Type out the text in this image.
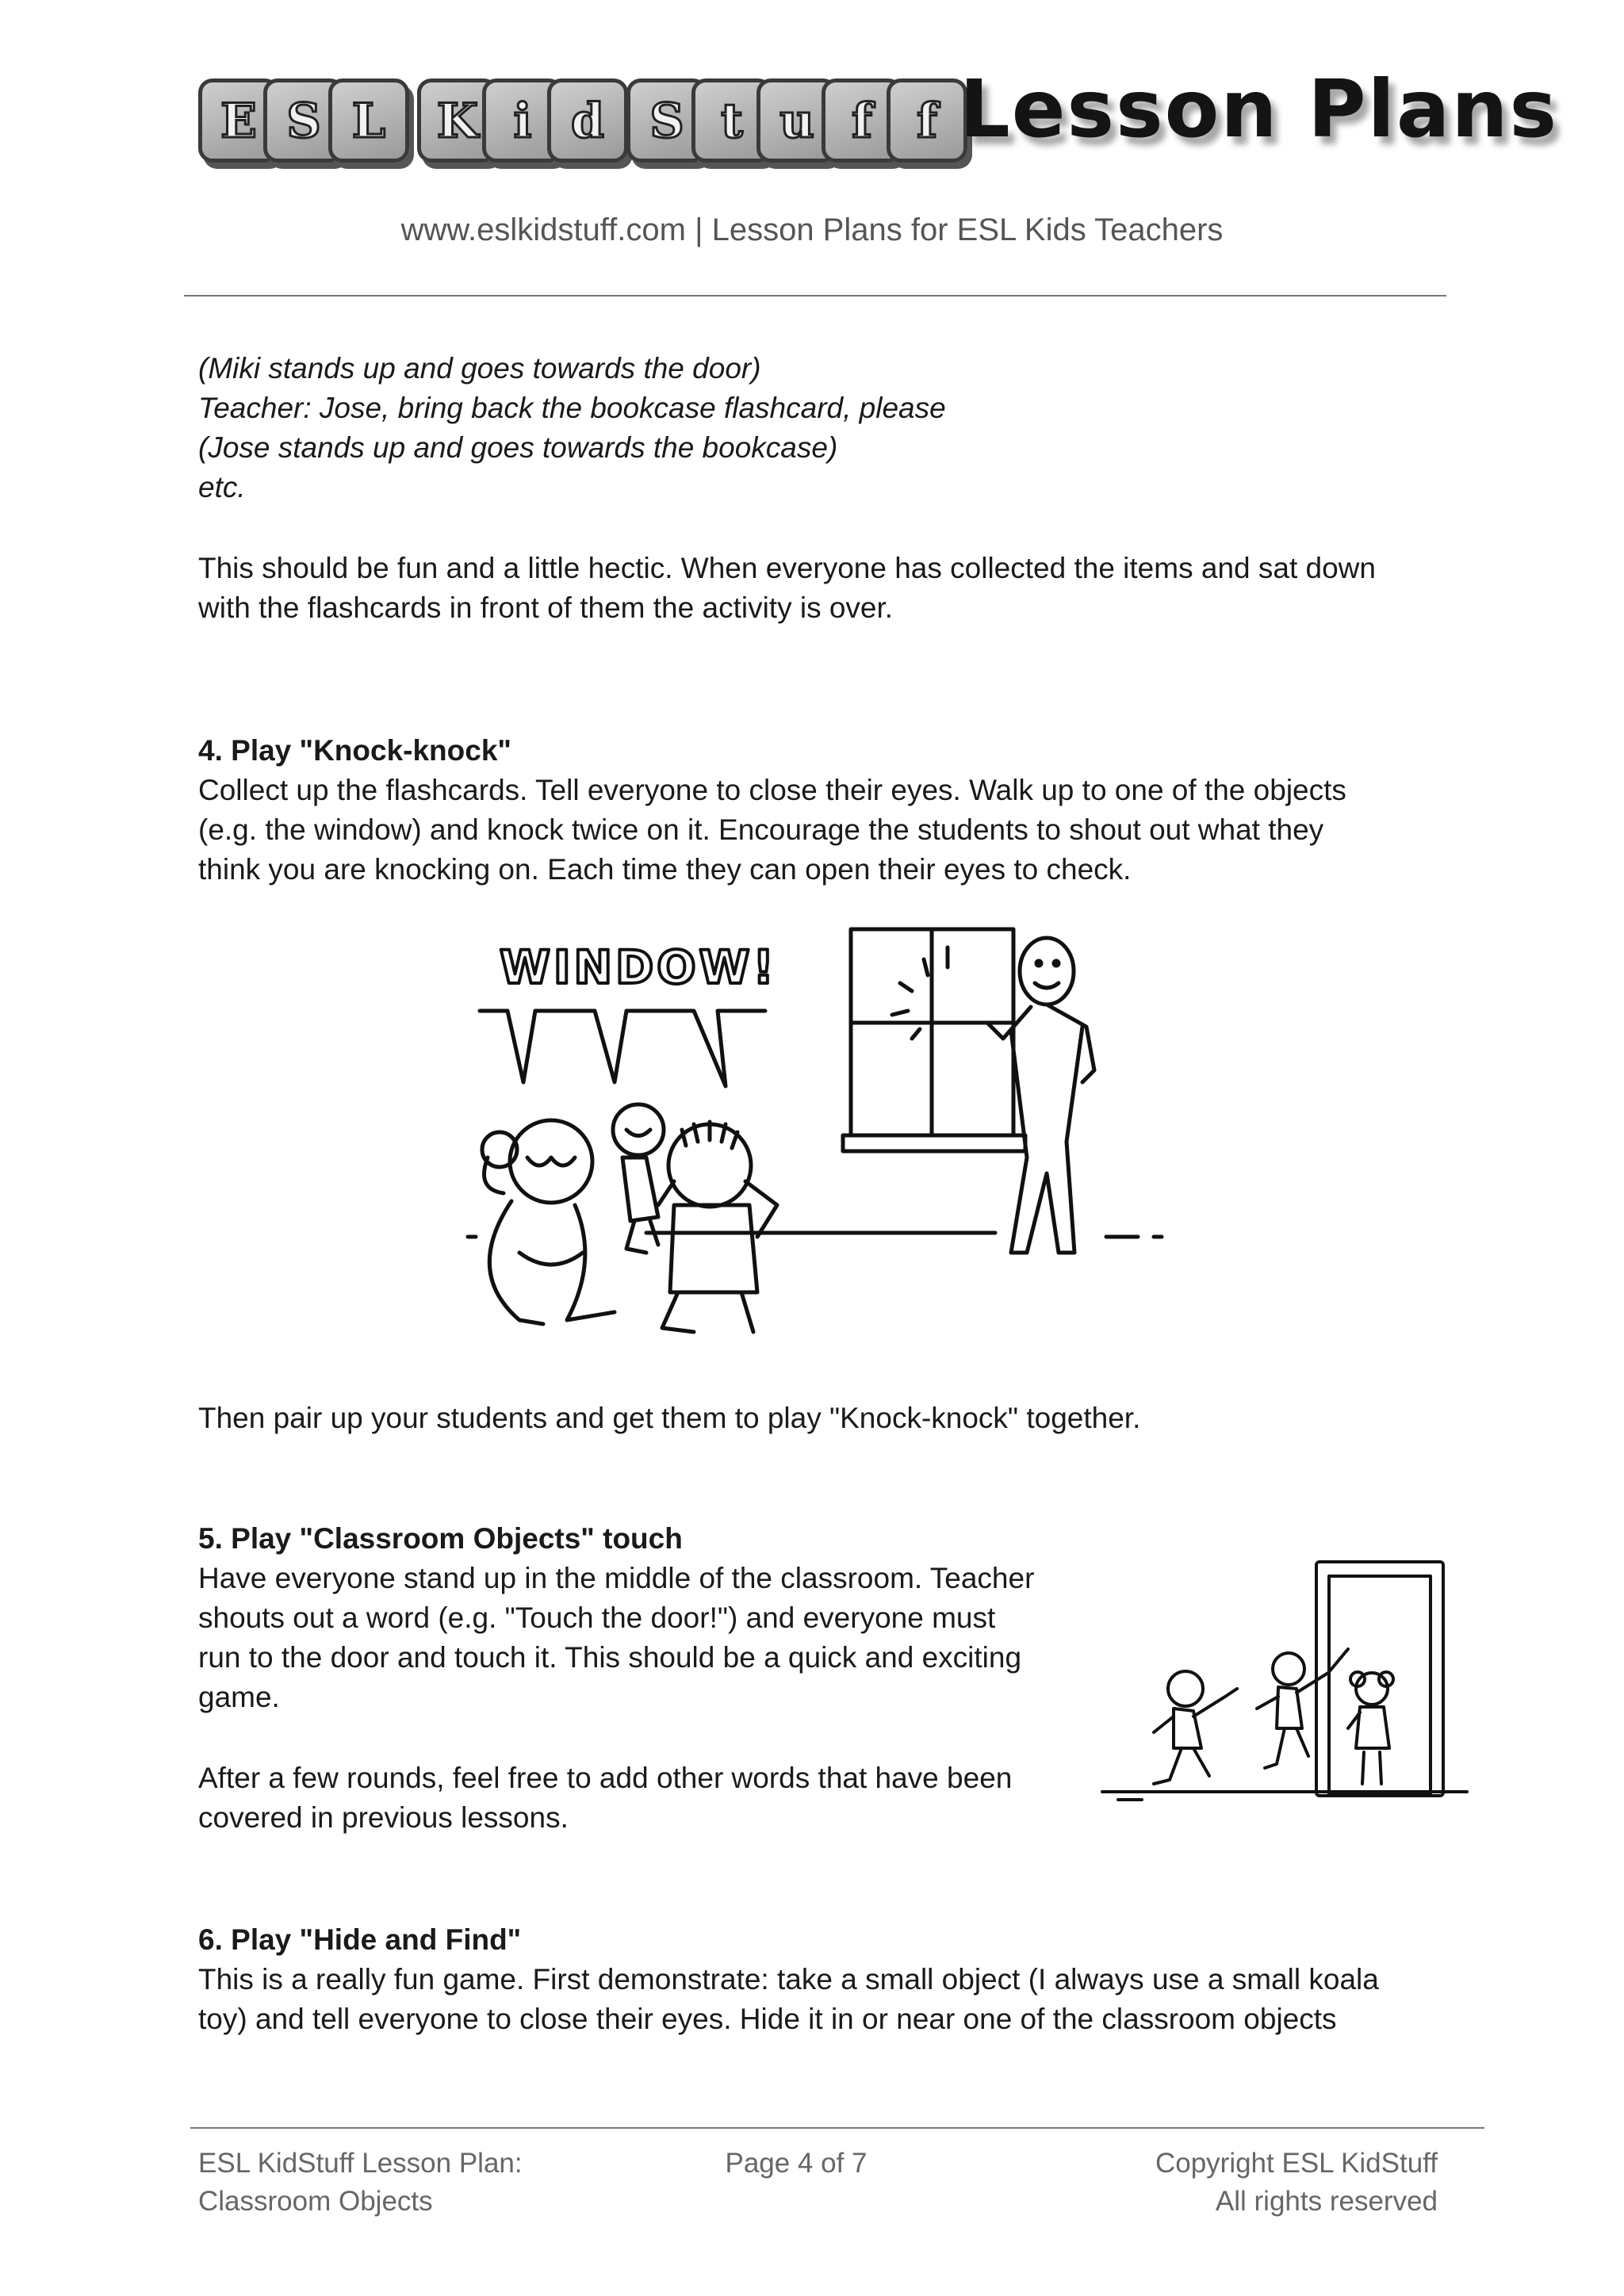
E S L	K i d S t u f f Lesson Plans
www.eslkidstuff.com | Lesson Plans for ESL Kids Teachers
(Miki stands up and goes towards the door)
Teacher: Jose, bring back the bookcase flashcard, please
(Jose stands up and goes towards the bookcase)
etc.
This should be fun and a little hectic. When everyone has collected the items and sat down
with the flashcards in front of them the activity is over.
4. Play "Knock-knock"
Collect up the flashcards. Tell everyone to close their eyes. Walk up to one of the objects
(e.g. the window) and knock twice on it. Encourage the students to shout out what they
think you are knocking on. Each time they can open their eyes to check.
WINDOW!
Then pair up your students and get them to play "Knock-knock" together.
5. Play "Classroom Objects" touch
Have everyone stand up in the middle of the classroom. Teacher
shouts out a word (e.g. "Touch the door!") and everyone must
run to the door and touch it. This should be a quick and exciting
game.
After a few rounds, feel free to add other words that have been
covered in previous lessons.
6. Play "Hide and Find"
This is a really fun game. First demonstrate: take a small object (I always use a small koala
toy) and tell everyone to close their eyes. Hide it in or near one of the classroom objects
ESL KidStuff Lesson Plan:
Classroom Objects
Page 4 of 7	Copyright ESL KidStuff
All rights reserved
